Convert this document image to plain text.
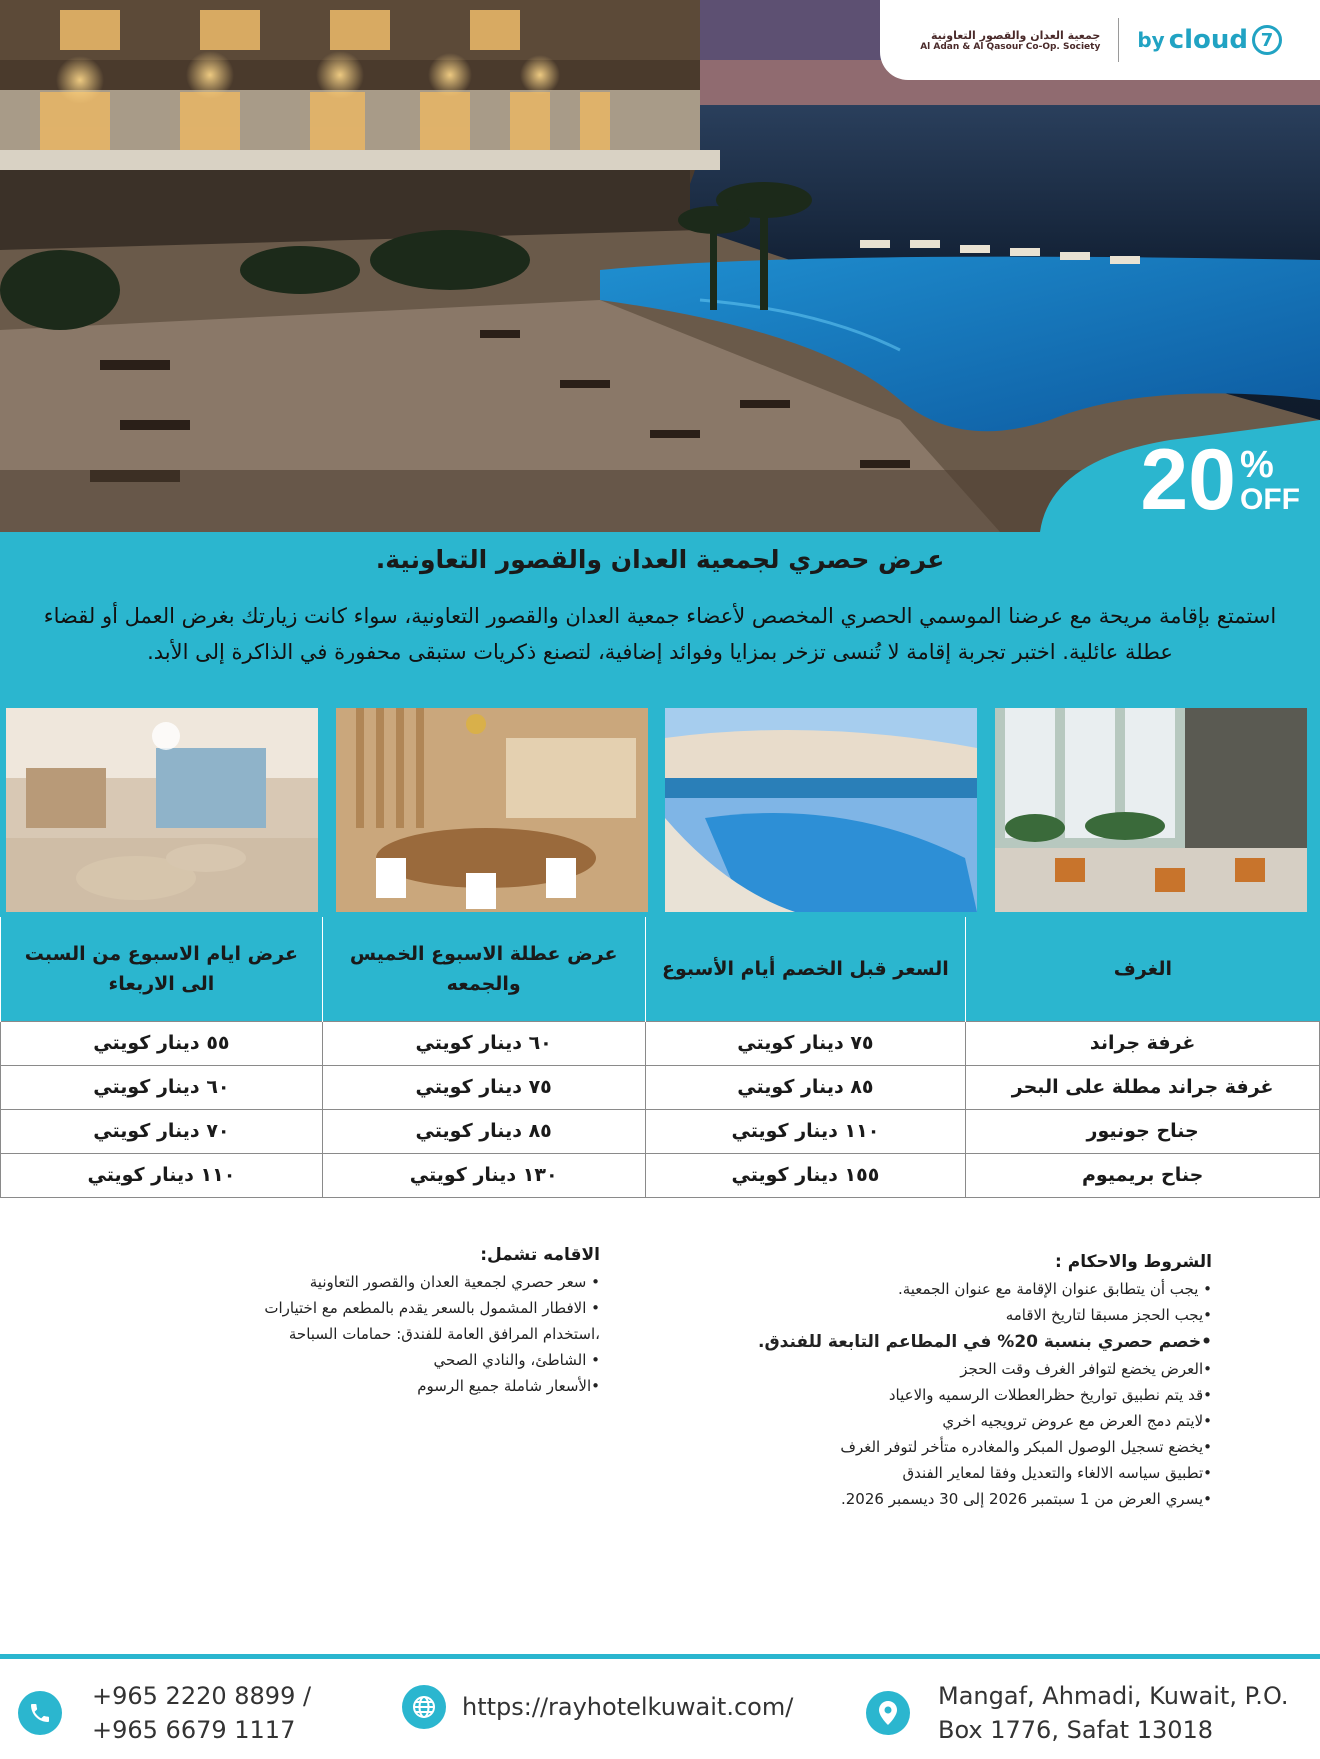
جمعية العدان والقصور التعاونية
Al Adan & Al Qasour Co-Op. Society by cloud 7
20 %
OFF
عرض حصري لجمعية العدان والقصور التعاونية.
استمتع بإقامة مريحة مع عرضنا الموسمي الحصري المخصص لأعضاء جمعية العدان والقصور التعاونية، سواء كانت زيارتك بغرض العمل أو لقضاء عطلة عائلية. اختبر تجربة إقامة لا تُنسى تزخر بمزايا وفوائد إضافية، لتصنع ذكريات ستبقى محفورة في الذاكرة إلى الأبد.
الغرف	السعر قبل الخصم أيام الأسبوع	عرض عطلة الاسبوع الخميس والجمعه	عرض ايام الاسبوع من السبت الى الاربعاء
غرفة جراند	٧٥ دينار كويتي	٦٠ دينار كويتي	٥٥ دينار كويتي
غرفة جراند مطلة على البحر	٨٥ دينار كويتي	٧٥ دينار كويتي	٦٠ دينار كويتي
جناح جونيور	١١٠ دينار كويتي	٨٥ دينار كويتي	٧٠ دينار كويتي
جناح بريميوم	١٥٥ دينار كويتي	١٣٠ دينار كويتي	١١٠ دينار كويتي
الشروط والاحكام :
• يجب أن يتطابق عنوان الإقامة مع عنوان الجمعية.
•يجب الحجز مسبقا لتاريخ الاقامه
•خصم حصري بنسبة 20% في المطاعم التابعة للفندق.
•العرض يخضع لتوافر الغرف وقت الحجز
•قد يتم نطبيق تواريخ حظرالعطلات الرسميه والاعياد
•لايتم دمج العرض مع عروض ترويجيه اخري
•يخضع تسجيل الوصول المبكر والمغادره متأخر لتوفر الغرف
•تطبيق سياسه الالغاء والتعديل وفقا لمعاير الفندق
•يسري العرض من 1 سبتمبر 2026 إلى 30 ديسمبر 2026.
الاقامه تشمل:
• سعر حصري لجمعية العدان والقصور التعاونية
• الافطار المشمول بالسعر يقدم بالمطعم مع اختيارات
،استخدام المرافق العامة للفندق: حمامات السباحة
• الشاطئ، والنادي الصحي
•الأسعار شاملة جميع الرسوم
+965 2220 8899 /
+965 6679 1117
https://rayhotelkuwait.com/	Mangaf, Ahmadi, Kuwait, P.O.
Box 1776, Safat 13018
